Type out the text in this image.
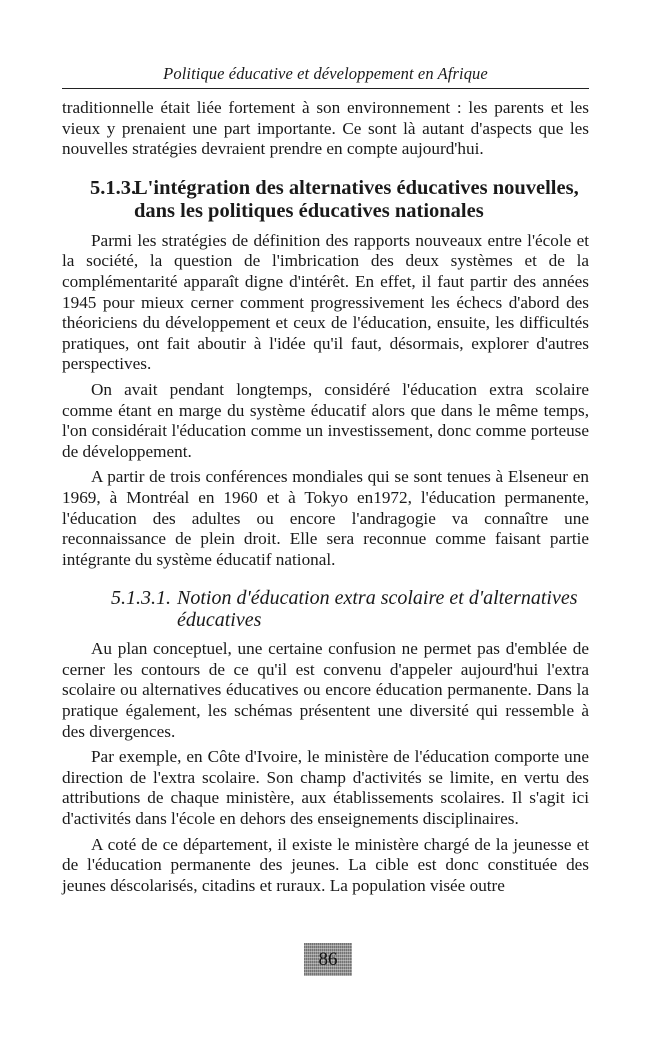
Politique éducative et développement en Afrique

traditionnelle était liée fortement à son environnement : les parents et les vieux y prenaient une part importante. Ce sont là autant d'aspects que les nouvelles stratégies devraient prendre en compte aujourd'hui.

5.1.3.
L'intégration des alternatives éducatives nouvelles, dans les politiques éducatives nationales

Parmi les stratégies de définition des rapports nouveaux entre l'école et la société, la question de l'imbrication des deux systèmes et de la complémentarité apparaît digne d'intérêt. En effet, il faut partir des années 1945 pour mieux cerner comment progressivement les échecs d'abord des théoriciens du développement et ceux de l'éducation, ensuite, les difficultés pratiques, ont fait aboutir à l'idée qu'il faut, désormais, explorer d'autres perspectives.

On avait pendant longtemps, considéré l'éducation extra scolaire comme étant en marge du système éducatif alors que dans le même temps, l'on considérait l'éducation comme un investissement, donc comme porteuse de développement.

A partir de trois conférences mondiales qui se sont tenues à Elseneur en 1969, à Montréal en 1960 et à Tokyo en1972, l'éducation permanente, l'éducation des adultes ou encore l'andragogie va connaître une reconnaissance de plein droit. Elle sera reconnue comme faisant partie intégrante du système éducatif national.

5.1.3.1. Notion d'éducation extra scolaire et d'alternatives éducatives

Au plan conceptuel, une certaine confusion ne permet pas d'emblée de cerner les contours de ce qu'il est convenu d'appeler aujourd'hui l'extra scolaire ou alternatives éducatives ou encore éducation permanente. Dans la pratique également, les schémas présentent une diversité qui ressemble à des divergences.

Par exemple, en Côte d'Ivoire, le ministère de l'éducation comporte une direction de l'extra scolaire. Son champ d'activités se limite, en vertu des attributions de chaque ministère, aux établissements scolaires. Il s'agit ici d'activités dans l'école en dehors des enseignements disciplinaires.

A coté de ce département, il existe le ministère chargé de la jeunesse et de l'éducation permanente des jeunes. La cible est donc constituée des jeunes déscolarisés, citadins et ruraux. La population visée outre

86
